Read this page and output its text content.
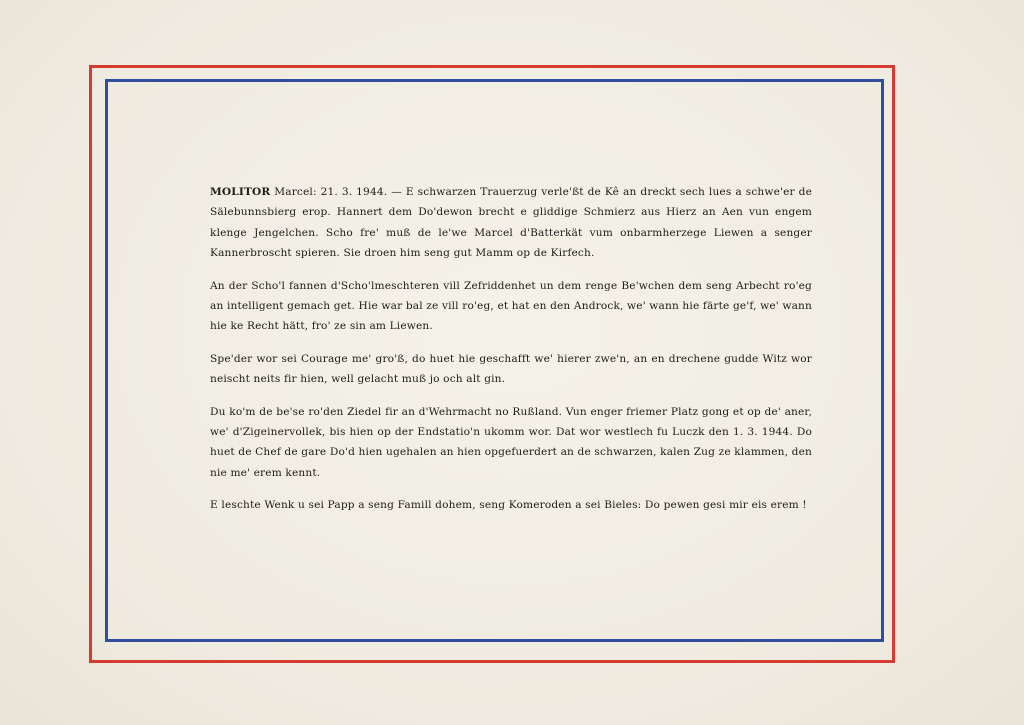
MOLITOR Marcel: 21. 3. 1944. — E schwarzen Trauerzug verle'ßt de Kê an dreckt sech lues a schwe'er de Sälebunnsbierg erop. Hannert dem Do'dewon brecht e gliddige Schmierz aus Hierz an Aen vun engem klenge Jengelchen. Scho fre' muß de le'we Marcel d'Batterkät vum onbarmherzege Liewen a senger Kannerbroscht spieren. Sie droen him seng gut Mamm op de Kirfech.

An der Scho'l fannen d'Scho'lmeschteren vill Zefriddenhet un dem renge Be'wchen dem seng Arbecht ro'eg an intelligent gemach get. Hie war bal ze vill ro'eg, et hat en den Androck, we' wann hie färte ge'f, we' wann hie ke Recht hätt, fro' ze sin am Liewen.

Spe'der wor sei Courage me' gro'ß, do huet hie geschafft we' hierer zwe'n, an en drechene gudde Witz wor neischt neits fir hien, well gelacht muß jo och alt gin.

Du ko'm de be'se ro'den Ziedel fir an d'Wehrmacht no Rußland. Vun enger friemer Platz gong et op de' aner, we' d'Zigeinervollek, bis hien op der Endstatio'n ukomm wor. Dat wor westlech fu Luczk den 1. 3. 1944. Do huet de Chef de gare Do'd hien ugehalen an hien opgefuerdert an de schwarzen, kalen Zug ze klammen, den nie me' erem kennt.

E leschte Wenk u sei Papp a seng Famill dohem, seng Komeroden a sei Bieles: Do pewen gesi mir eis erem !
